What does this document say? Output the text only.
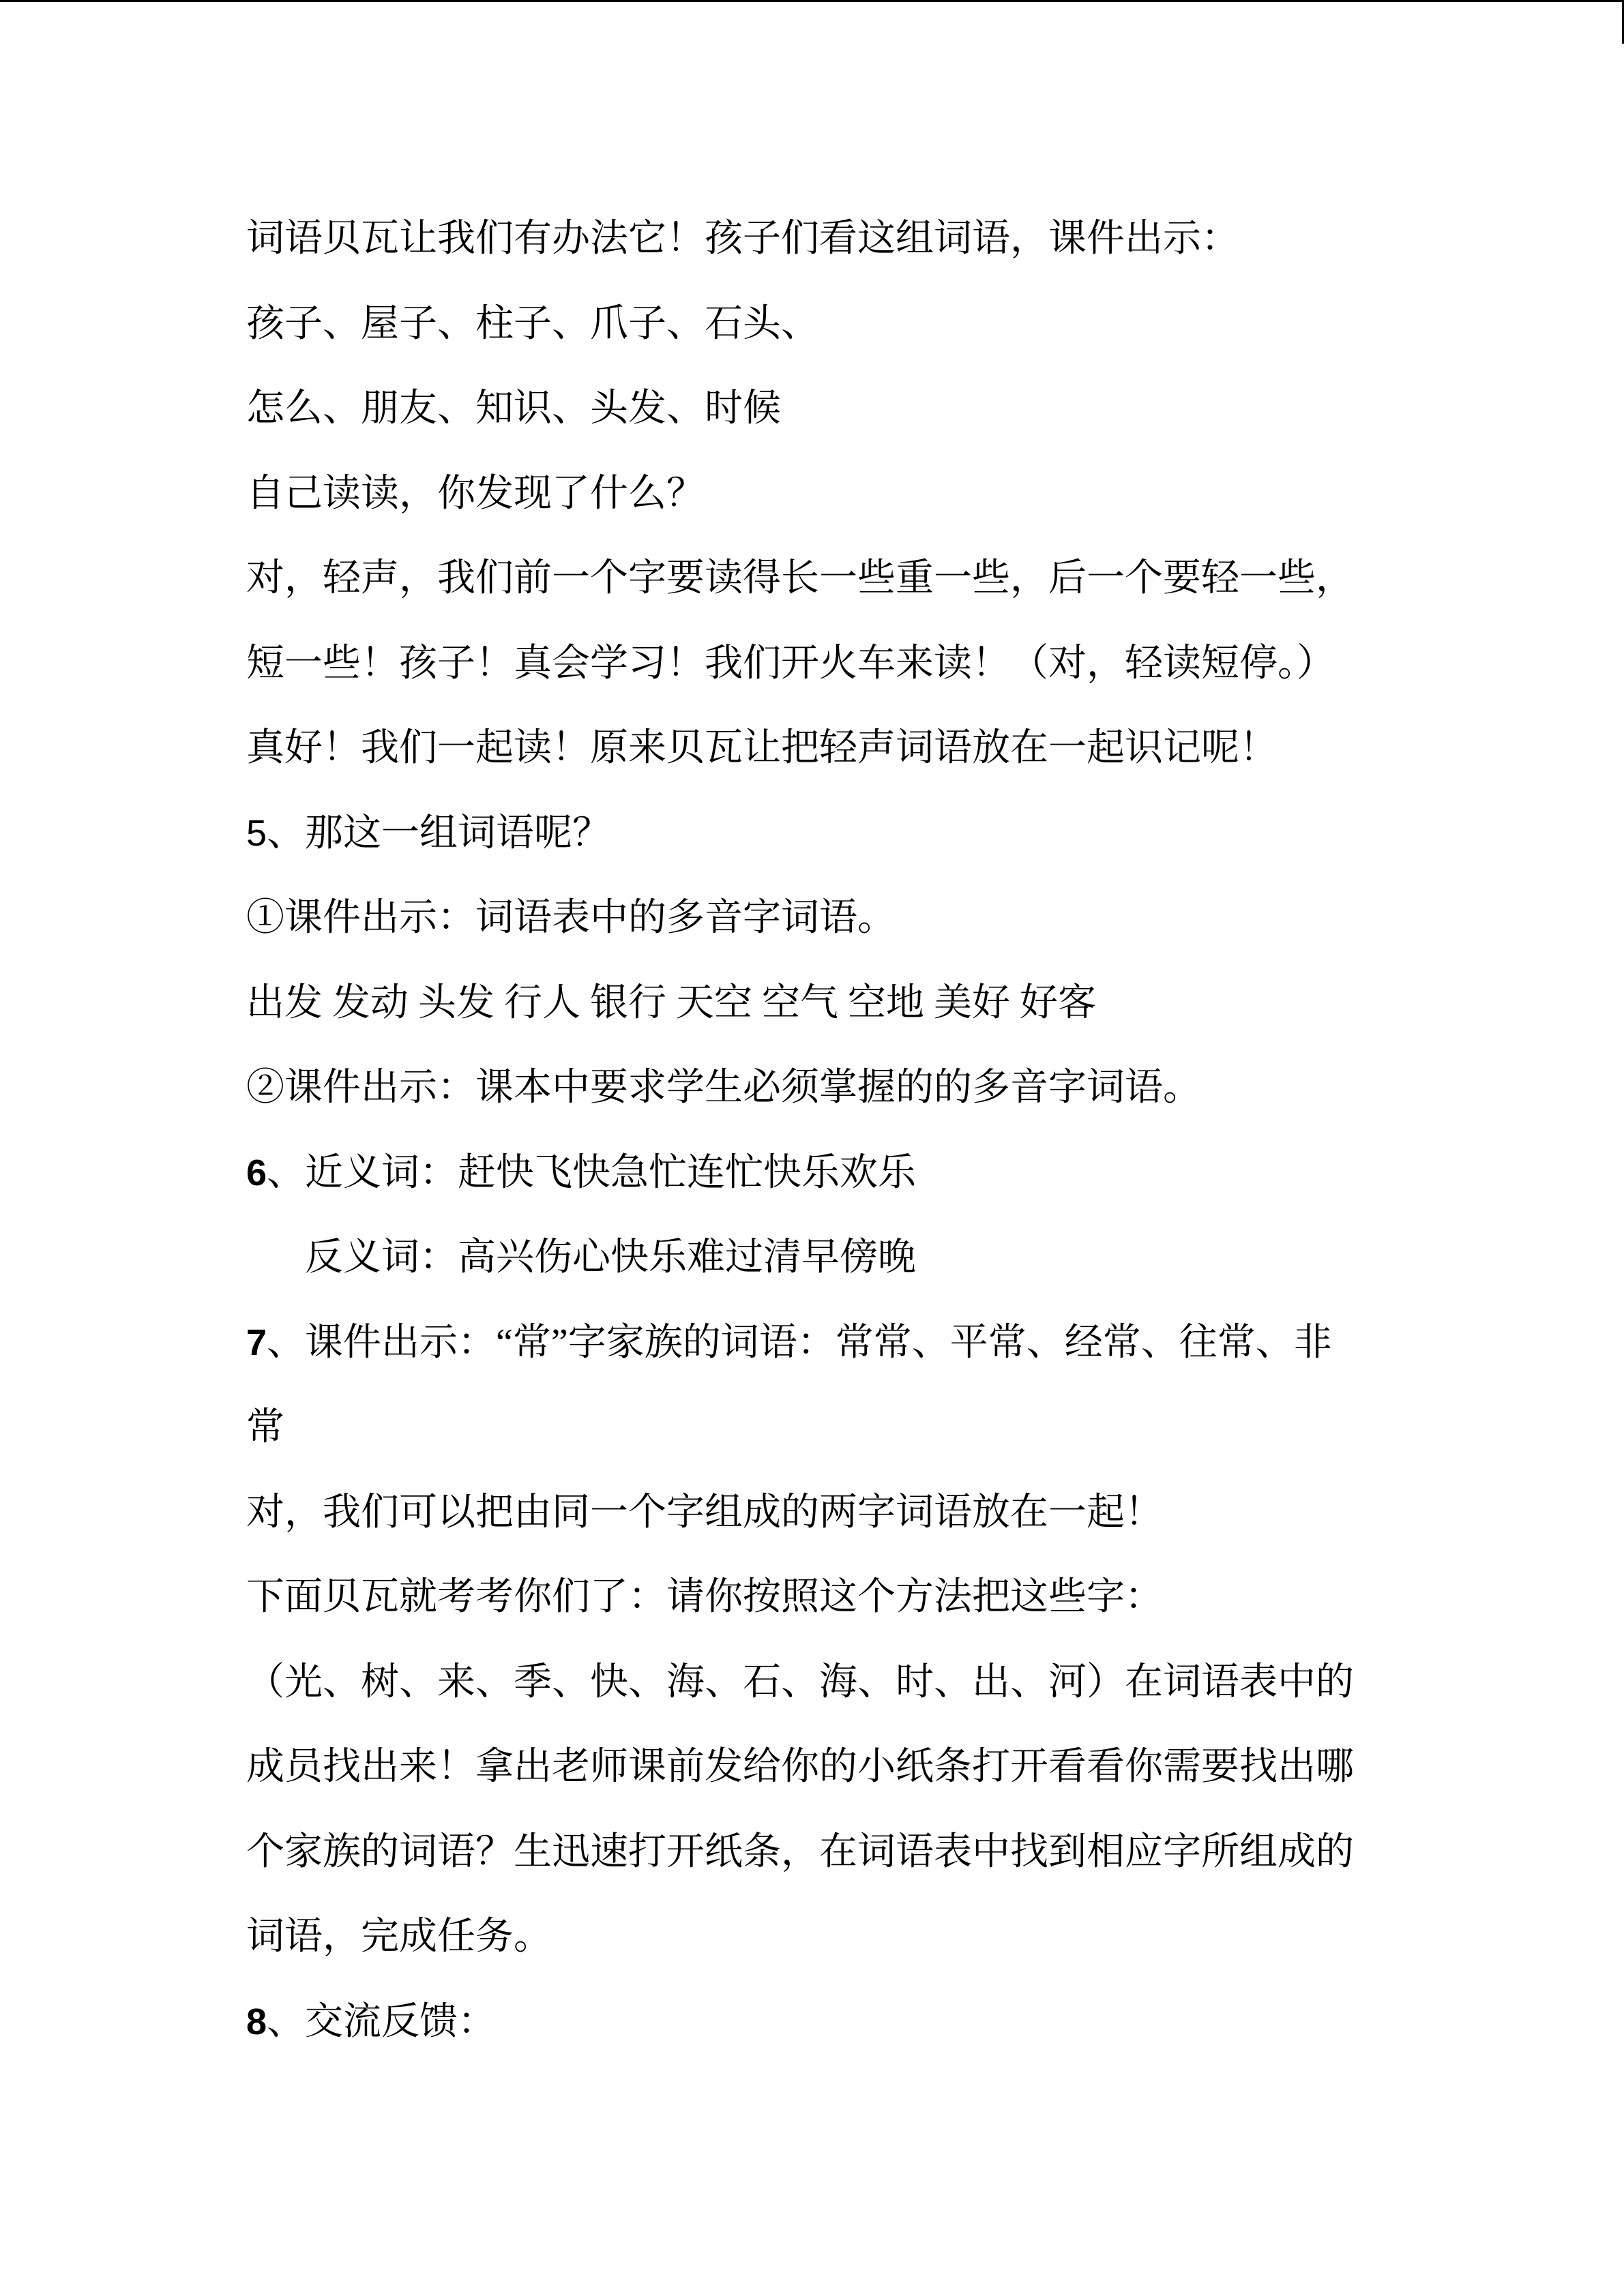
词语贝瓦让我们有办法它！孩子们看这组词语，课件出示：
孩子、屋子、柱子、爪子、石头、
怎么、朋友、知识、头发、时候
自己读读，你发现了什么？
对，轻声，我们前一个字要读得长一些重一些，后一个要轻一些，
短一些！孩子！真会学习！我们开火车来读！（对，轻读短停。）
真好！我们一起读！原来贝瓦让把轻声词语放在一起识记呢！
5、那这一组词语呢？
①课件出示：词语表中的多音字词语。
出发 发动 头发 行人 银行 天空 空气 空地 美好 好客
②课件出示：课本中要求学生必须掌握的的多音字词语。
6、近义词：赶快飞快急忙连忙快乐欢乐
反义词：高兴伤心快乐难过清早傍晚
7、课件出示：“常”字家族的词语：常常、平常、经常、往常、非
常
对，我们可以把由同一个字组成的两字词语放在一起！
下面贝瓦就考考你们了：请你按照这个方法把这些字：
（光、树、来、季、快、海、石、海、时、出、河）在词语表中的
成员找出来！拿出老师课前发给你的小纸条打开看看你需要找出哪
个家族的词语？生迅速打开纸条，在词语表中找到相应字所组成的
词语，完成任务。
8、交流反馈：
